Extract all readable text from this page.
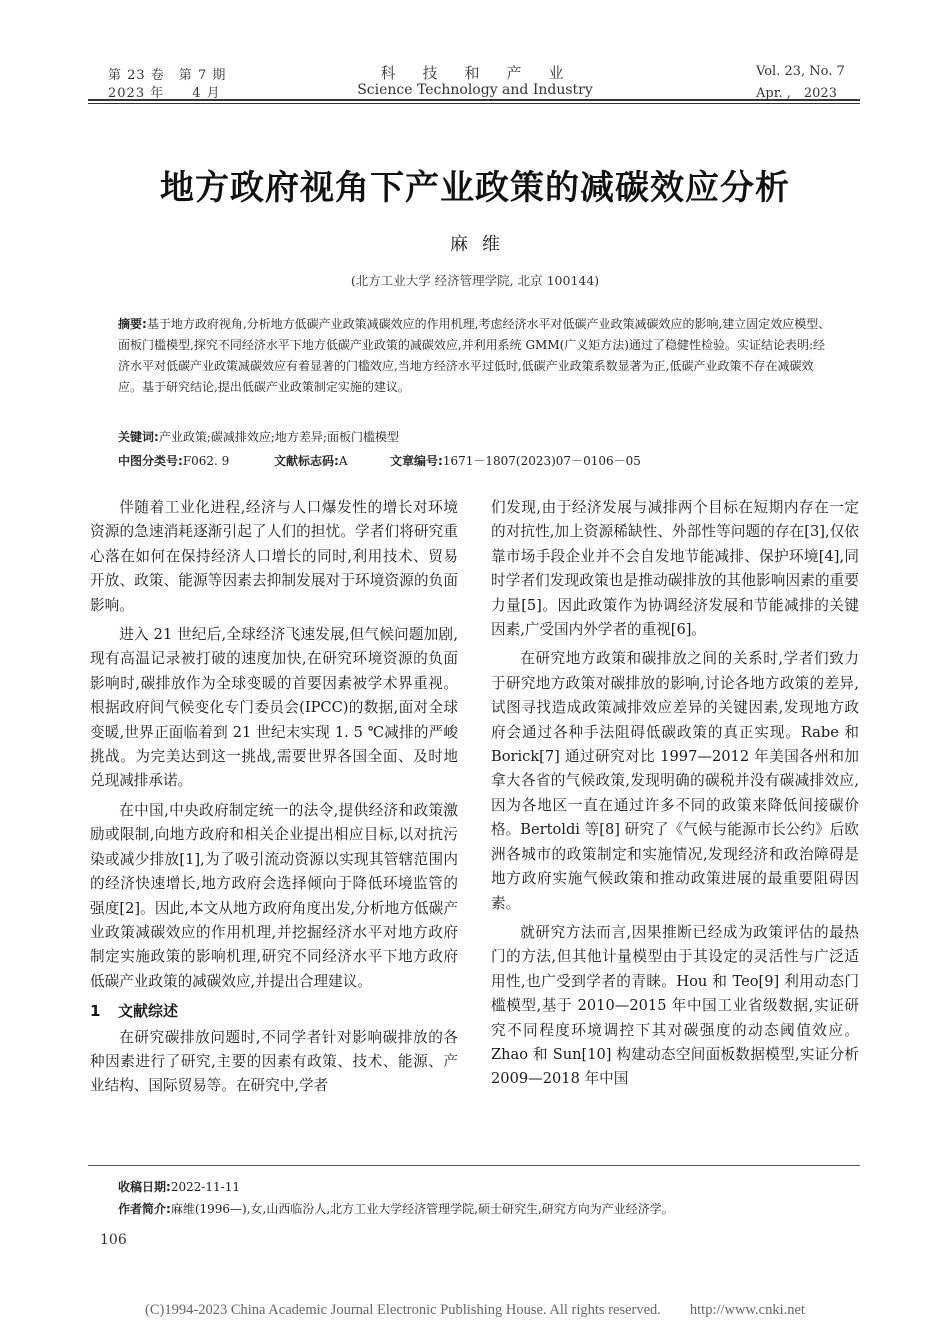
第 23 卷　第 7 期
2023 年　　4 月
科　技　和　产　业
Science Technology and Industry
Vol. 23, No. 7
Apr. ,　2023
地方政府视角下产业政策的减碳效应分析
麻维
(北方工业大学 经济管理学院, 北京 100144)
摘要:基于地方政府视角,分析地方低碳产业政策减碳效应的作用机理,考虑经济水平对低碳产业政策减碳效应的影响,建立固定效应模型、面板门槛模型,探究不同经济水平下地方低碳产业政策的减碳效应,并利用系统 GMM(广义矩方法)通过了稳健性检验。实证结论表明:经济水平对低碳产业政策减碳效应有着显著的门槛效应,当地方经济水平过低时,低碳产业政策系数显著为正,低碳产业政策不存在减碳效应。基于研究结论,提出低碳产业政策制定实施的建议。
关键词:产业政策;碳减排效应;地方差异;面板门槛模型
中图分类号:F062. 9	文献标志码:A	文章编号:1671－1807(2023)07－0106－05

伴随着工业化进程,经济与人口爆发性的增长对环境资源的急速消耗逐渐引起了人们的担忧。学者们将研究重心落在如何在保持经济人口增长的同时,利用技术、贸易开放、政策、能源等因素去抑制发展对于环境资源的负面影响。

进入 21 世纪后,全球经济飞速发展,但气候问题加剧,现有高温记录被打破的速度加快,在研究环境资源的负面影响时,碳排放作为全球变暖的首要因素被学术界重视。根据政府间气候变化专门委员会(IPCC)的数据,面对全球变暖,世界正面临着到 21 世纪末实现 1. 5 ℃减排的严峻挑战。为完美达到这一挑战,需要世界各国全面、及时地兑现减排承诺。

在中国,中央政府制定统一的法令,提供经济和政策激励或限制,向地方政府和相关企业提出相应目标,以对抗污染或减少排放[1],为了吸引流动资源以实现其管辖范围内的经济快速增长,地方政府会选择倾向于降低环境监管的强度[2]。因此,本文从地方政府角度出发,分析地方低碳产业政策减碳效应的作用机理,并挖掘经济水平对地方政府制定实施政策的影响机理,研究不同经济水平下地方政府低碳产业政策的减碳效应,并提出合理建议。

1 文献综述

在研究碳排放问题时,不同学者针对影响碳排放的各种因素进行了研究,主要的因素有政策、技术、能源、产业结构、国际贸易等。在研究中,学者

们发现,由于经济发展与减排两个目标在短期内存在一定的对抗性,加上资源稀缺性、外部性等问题的存在[3],仅依靠市场手段企业并不会自发地节能减排、保护环境[4],同时学者们发现政策也是推动碳排放的其他影响因素的重要力量[5]。因此政策作为协调经济发展和节能减排的关键因素,广受国内外学者的重视[6]。

在研究地方政策和碳排放之间的关系时,学者们致力于研究地方政策对碳排放的影响,讨论各地方政策的差异,试图寻找造成政策减排效应差异的关键因素,发现地方政府会通过各种手法阻碍低碳政策的真正实现。Rabe 和 Borick[7] 通过研究对比 1997—2012 年美国各州和加拿大各省的气候政策,发现明确的碳税并没有碳减排效应,因为各地区一直在通过许多不同的政策来降低间接碳价格。Bertoldi 等[8] 研究了《气候与能源市长公约》后欧洲各城市的政策制定和实施情况,发现经济和政治障碍是地方政府实施气候政策和推动政策进展的最重要阻碍因素。

就研究方法而言,因果推断已经成为政策评估的最热门的方法,但其他计量模型由于其设定的灵活性与广泛适用性,也广受到学者的青睐。Hou 和 Teo[9] 利用动态门槛模型,基于 2010—2015 年中国工业省级数据,实证研究不同程度环境调控下其对碳强度的动态阈值效应。Zhao 和 Sun[10] 构建动态空间面板数据模型,实证分析 2009—2018 年中国

收稿日期:2022-11-11
作者简介:麻维(1996—),女,山西临汾人,北方工业大学经济管理学院,硕士研究生,研究方向为产业经济学。
106
(C)1994-2023 China Academic Journal Electronic Publishing House. All rights reserved.　　http://www.cnki.net
